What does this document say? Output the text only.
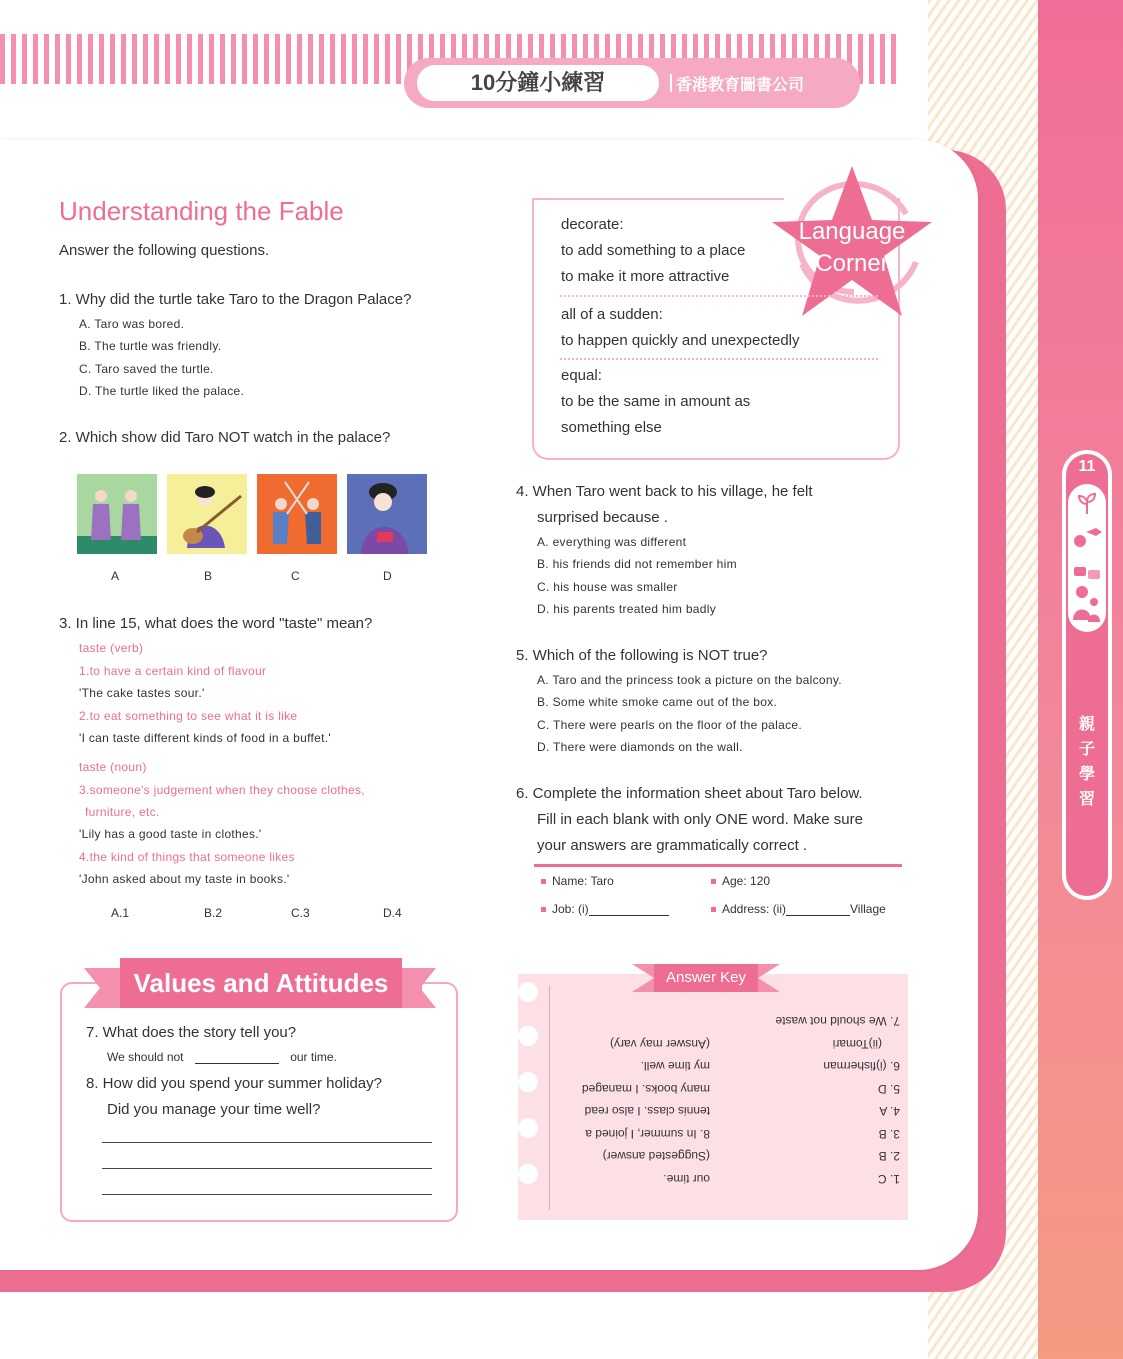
10分鐘小練習	香港教育圖書公司
11
親
子
學
習
Understanding the Fable
Answer the following questions.
1. Why did the turtle take Taro to the Dragon Palace?
A. Taro was bored.
B. The turtle was friendly.
C. Taro saved the turtle.
D. The turtle liked the palace.
2. Which show did Taro NOT watch in the palace?
A	B	C	D
3. In line 15, what does the word "taste" mean?
taste (verb)
1.to have a certain kind of flavour
'The cake tastes sour.'
2.to eat something to see what it is like
'I can taste different kinds of food in a buffet.'
taste (noun)
3.someone's judgement when they choose clothes,
furniture, etc.
'Lily has a good taste in clothes.'
4.the kind of things that someone likes
'John asked about my taste in books.'
A.1	B.2	C.3	D.4
Values and Attitudes
7. What does the story tell you?
We should not	our time.
8. How did you spend your summer holiday?
Did you manage your time well?
Language
Corner
decorate:
to add something to a place
to make it more attractive
all of a sudden:
to happen quickly and unexpectedly
equal:
to be the same in amount as
something else
4. When Taro went back to his village, he felt
surprised because .
A. everything was different
B. his friends did not remember him
C. his house was smaller
D. his parents treated him badly
5. Which of the following is NOT true?
A. Taro and the princess took a picture on the balcony.
B. Some white smoke came out of the box.
C. There were pearls on the floor of the palace.
D. There were diamonds on the wall.
6. Complete the information sheet about Taro below.
Fill in each blank with only ONE word. Make sure
your answers are grammatically correct .
Name: Taro	Age: 120
Job: (i)	Address: (ii)	Village
Answer Key
1. C
2. B
3. B
4. A
5. D
6. (i)fisherman
(ii)Tomari
7. We should not waste
our time.
(Suggested answer)
8. In summer, I joined a
tennis class. I also read
many books. I managed
my time well.
(Answer may vary)
